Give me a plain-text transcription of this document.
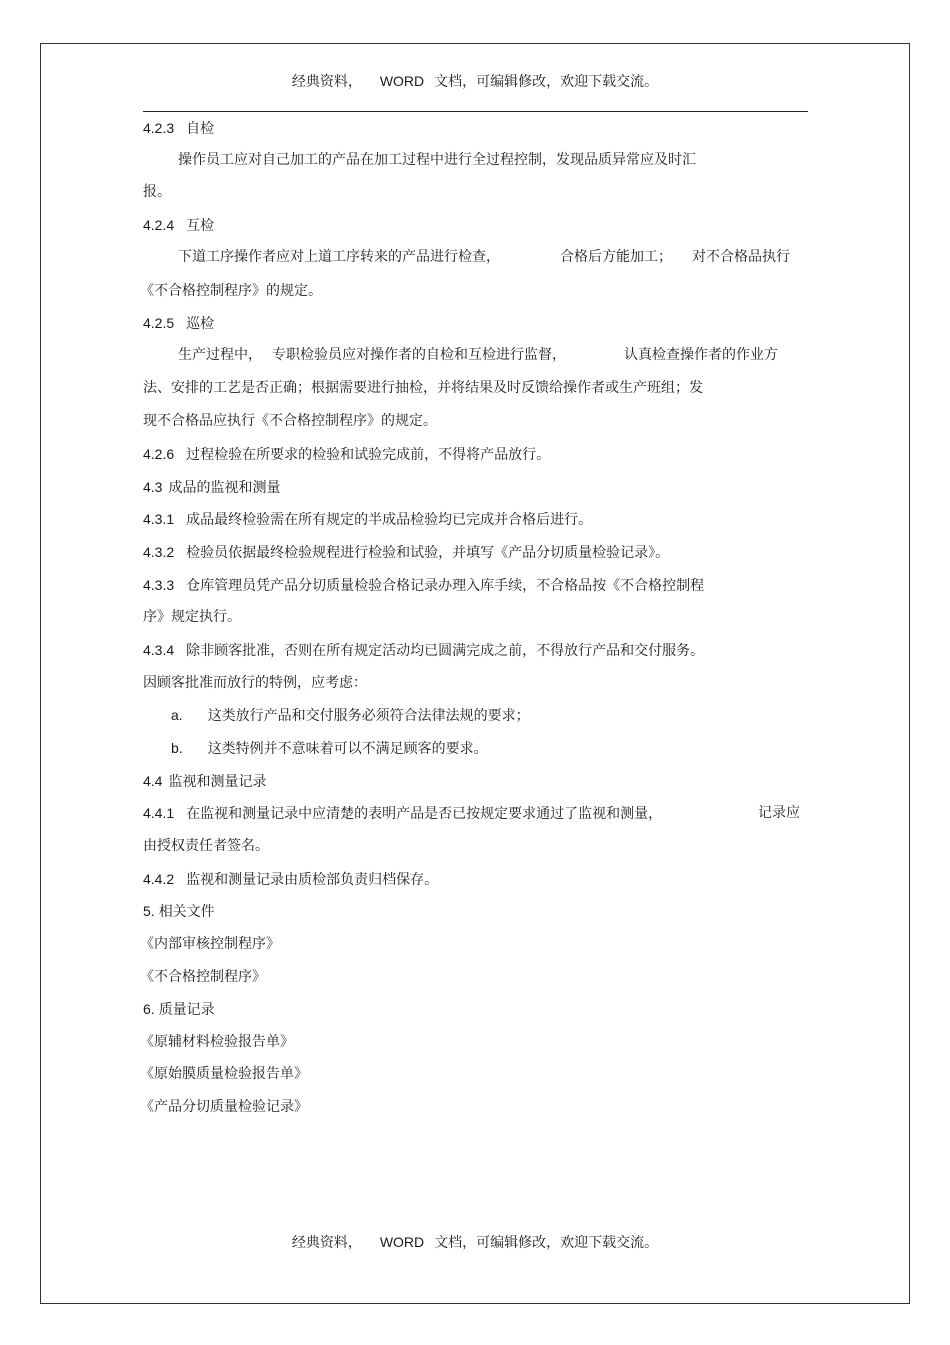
经典资料， WORD 文档，可编辑修改，欢迎下载交流。
4.2.3 自检
操作员工应对自己加工的产品在加工过程中进行全过程控制，发现品质异常应及时汇
报。
4.2.4 互检
下道工序操作者应对上道工序转来的产品进行检查，	合格后方能加工； 对不合格品执行
《不合格控制程序》的规定。
4.2.5 巡检
生产过程中， 专职检验员应对操作者的自检和互检进行监督，	认真检查操作者的作业方
法、安排的工艺是否正确；根据需要进行抽检，并将结果及时反馈给操作者或生产班组；发
现不合格品应执行《不合格控制程序》的规定。
4.2.6 过程检验在所要求的检验和试验完成前，不得将产品放行。
4.3 成品的监视和测量
4.3.1 成品最终检验需在所有规定的半成品检验均已完成并合格后进行。
4.3.2 检验员依据最终检验规程进行检验和试验，并填写《产品分切质量检验记录》。
4.3.3 仓库管理员凭产品分切质量检验合格记录办理入库手续，不合格品按《不合格控制程
序》规定执行。
4.3.4 除非顾客批准，否则在所有规定活动均已圆满完成之前，不得放行产品和交付服务。
因顾客批准而放行的特例，应考虑：
a. 这类放行产品和交付服务必须符合法律法规的要求；
b. 这类特例并不意味着可以不满足顾客的要求。
4.4 监视和测量记录
4.4.1 在监视和测量记录中应清楚的表明产品是否已按规定要求通过了监视和测量，	记录应
由授权责任者签名。
4.4.2 监视和测量记录由质检部负责归档保存。
5. 相关文件
《内部审核控制程序》
《不合格控制程序》
6. 质量记录
《原辅材料检验报告单》
《原始膜质量检验报告单》
《产品分切质量检验记录》
经典资料， WORD 文档，可编辑修改，欢迎下载交流。
